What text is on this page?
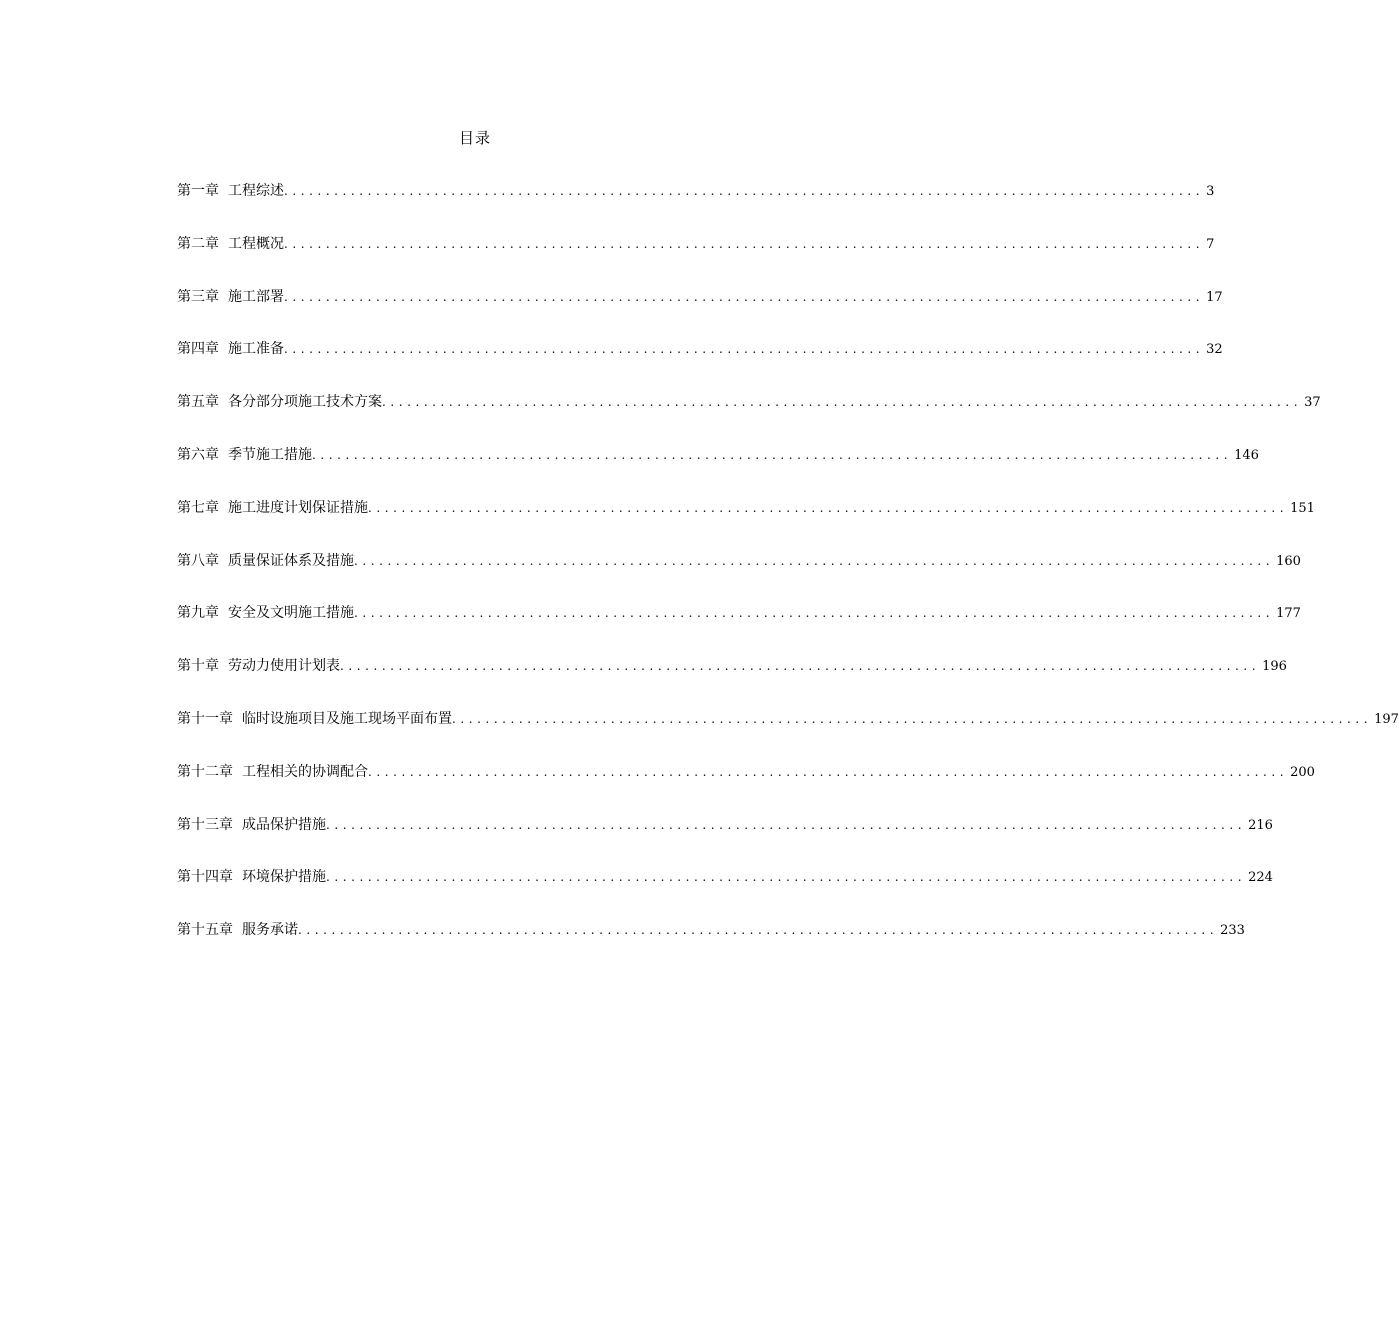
目录
第一章 工程综述 .............................................................................................................. 3
第二章 工程概况 .............................................................................................................. 7
第三章 施工部署 .............................................................................................................. 17
第四章 施工准备 .............................................................................................................. 32
第五章 各分部分项施工技术方案 .............................................................................................................. 37
第六章 季节施工措施 .............................................................................................................. 146
第七章 施工进度计划保证措施 .............................................................................................................. 151
第八章 质量保证体系及措施 .............................................................................................................. 160
第九章 安全及文明施工措施 .............................................................................................................. 177
第十章 劳动力使用计划表 .............................................................................................................. 196
第十一章 临时设施项目及施工现场平面布置 .............................................................................................................. 197
第十二章 工程相关的协调配合 .............................................................................................................. 200
第十三章 成品保护措施 .............................................................................................................. 216
第十四章 环境保护措施 .............................................................................................................. 224
第十五章 服务承诺 .............................................................................................................. 233
